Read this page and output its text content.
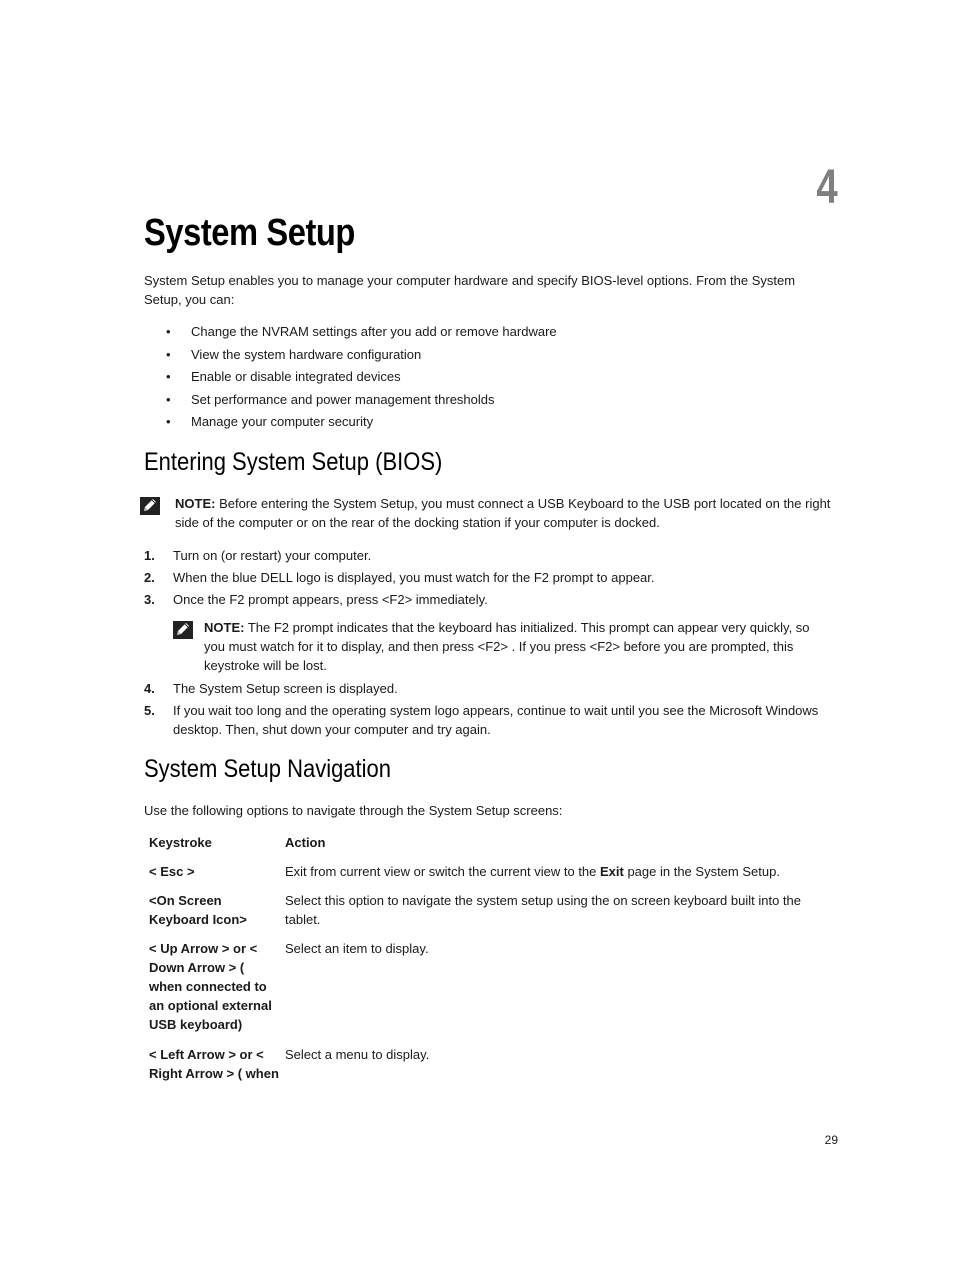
4
System Setup

System Setup enables you to manage your computer hardware and specify BIOS-level options. From the System Setup, you can:

• Change the NVRAM settings after you add or remove hardware
• View the system hardware configuration
• Enable or disable integrated devices
• Set performance and power management thresholds
• Manage your computer security
Entering System Setup (BIOS)

NOTE: Before entering the System Setup, you must connect a USB Keyboard to the USB port located on the right side of the computer or on the rear of the docking station if your computer is docked.

1. Turn on (or restart) your computer.
2. When the blue DELL logo is displayed, you must watch for the F2 prompt to appear.
3. Once the F2 prompt appears, press <F2> immediately.

NOTE: The F2 prompt indicates that the keyboard has initialized. This prompt can appear very quickly, so you must watch for it to display, and then press <F2> . If you press <F2> before you are prompted, this keystroke will be lost.

4. The System Setup screen is displayed.
5. If you wait too long and the operating system logo appears, continue to wait until you see the Microsoft Windows desktop. Then, shut down your computer and try again.
System Setup Navigation

Use the following options to navigate through the System Setup screens:

Keystroke	Action
< Esc >	Exit from current view or switch the current view to the Exit page in the System Setup.
<On Screen Keyboard Icon>
Select this option to navigate the system setup using the on screen keyboard built into the tablet.
< Up Arrow > or < Down Arrow > ( when connected to an optional external USB keyboard)
Select an item to display.
< Left Arrow > or < Right Arrow > ( when
Select a menu to display.
29
